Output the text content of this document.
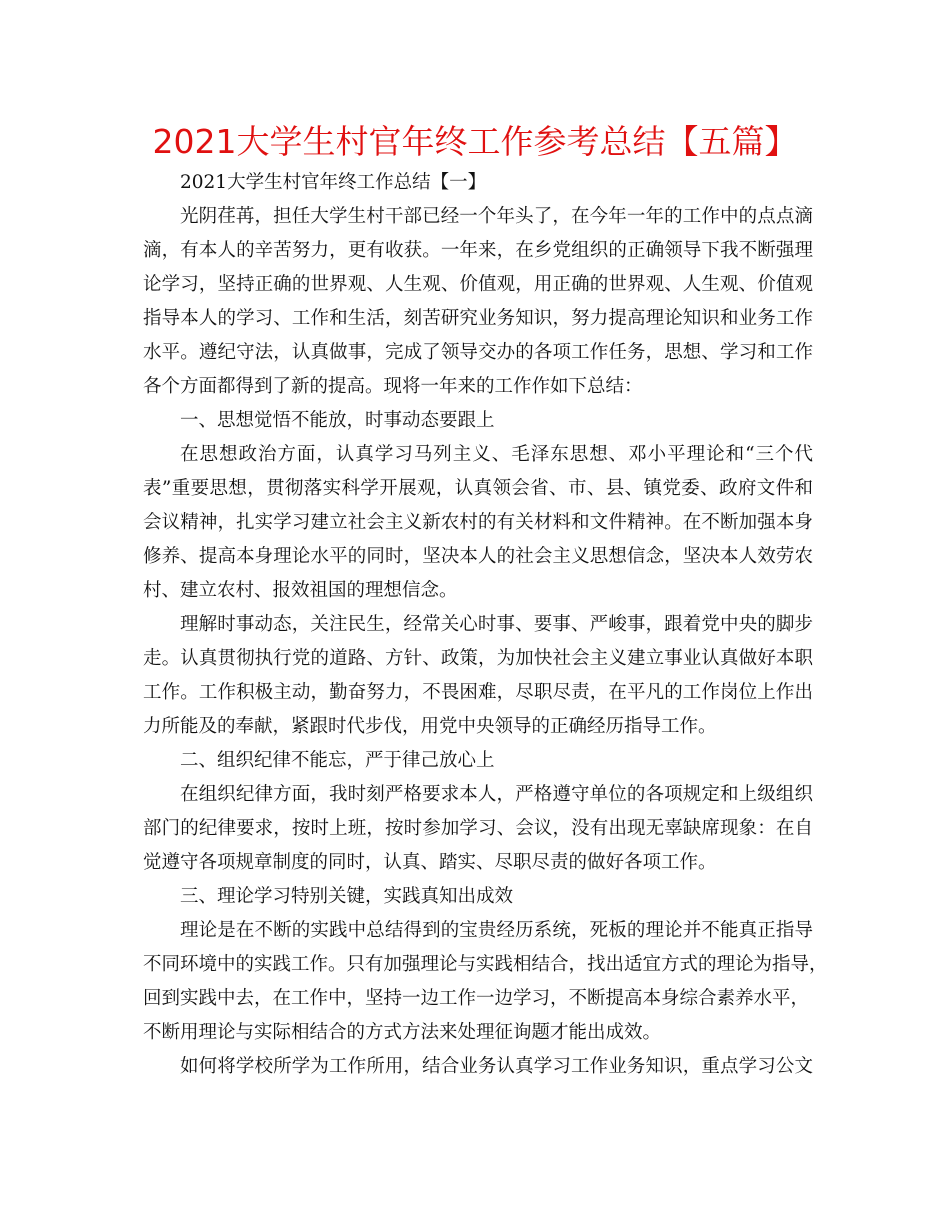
2021大学生村官年终工作参考总结【五篇】
2021大学生村官年终工作总结【一】
光阴荏苒，担任大学生村干部已经一个年头了，在今年一年的工作中的点点滴
滴，有本人的辛苦努力，更有收获。一年来，在乡党组织的正确领导下我不断强理
论学习，坚持正确的世界观、人生观、价值观，用正确的世界观、人生观、价值观
指导本人的学习、工作和生活，刻苦研究业务知识，努力提高理论知识和业务工作
水平。遵纪守法，认真做事，完成了领导交办的各项工作任务，思想、学习和工作
各个方面都得到了新的提高。现将一年来的工作作如下总结：
一、思想觉悟不能放，时事动态要跟上
在思想政治方面，认真学习马列主义、毛泽东思想、邓小平理论和“三个代
表”重要思想，贯彻落实科学开展观，认真领会省、市、县、镇党委、政府文件和
会议精神，扎实学习建立社会主义新农村的有关材料和文件精神。在不断加强本身
修养、提高本身理论水平的同时，坚决本人的社会主义思想信念，坚决本人效劳农
村、建立农村、报效祖国的理想信念。
理解时事动态，关注民生，经常关心时事、要事、严峻事，跟着党中央的脚步
走。认真贯彻执行党的道路、方针、政策，为加快社会主义建立事业认真做好本职
工作。工作积极主动，勤奋努力，不畏困难，尽职尽责，在平凡的工作岗位上作出
力所能及的奉献，紧跟时代步伐，用党中央领导的正确经历指导工作。
二、组织纪律不能忘，严于律己放心上
在组织纪律方面，我时刻严格要求本人，严格遵守单位的各项规定和上级组织
部门的纪律要求，按时上班，按时参加学习、会议，没有出现无辜缺席现象：在自
觉遵守各项规章制度的同时，认真、踏实、尽职尽责的做好各项工作。
三、理论学习特别关键，实践真知出成效
理论是在不断的实践中总结得到的宝贵经历系统，死板的理论并不能真正指导
不同环境中的实践工作。只有加强理论与实践相结合，找出适宜方式的理论为指导，
回到实践中去，在工作中，坚持一边工作一边学习，不断提高本身综合素养水平，
不断用理论与实际相结合的方式方法来处理征询题才能出成效。
如何将学校所学为工作所用，结合业务认真学习工作业务知识，重点学习公文
